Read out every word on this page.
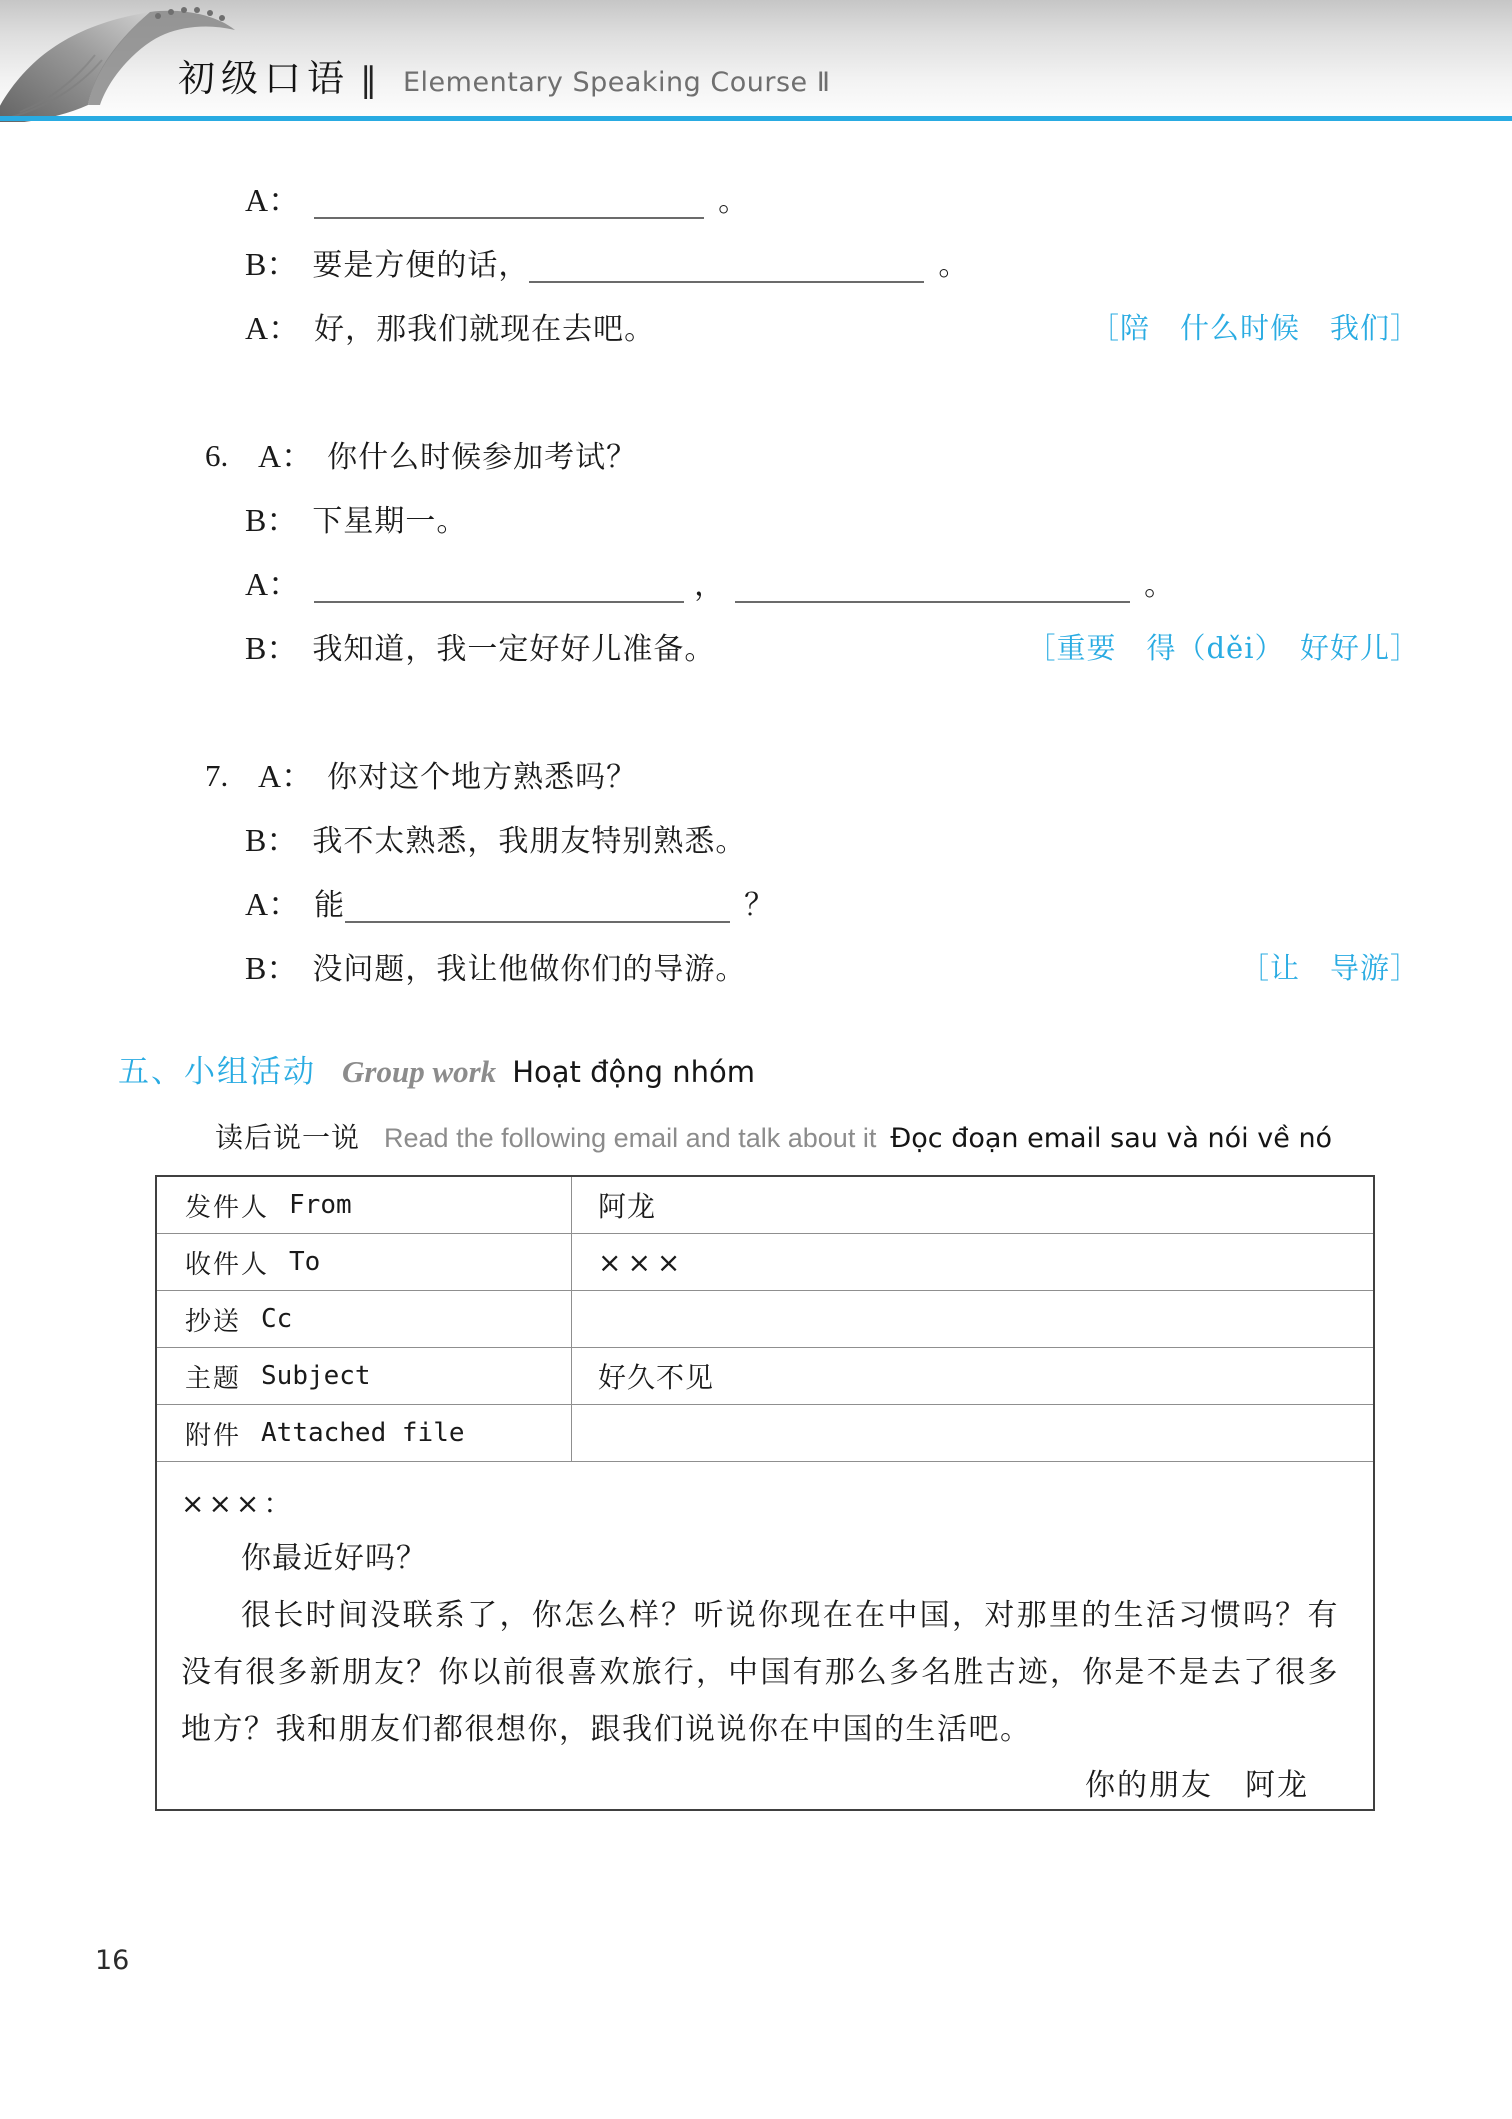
初级口语 ‖ Elementary Speaking Course Ⅱ
A：	。
B： 要是方便的话，	。
A： 好，那我们就现在去吧。	［陪　什么时候　我们］
6. A： 你什么时候参加考试？
B： 下星期一。
A：	，	。
B： 我知道，我一定好好儿准备。	［重要　得（děi）　好好儿］
7. A： 你对这个地方熟悉吗？
B： 我不太熟悉，我朋友特别熟悉。
A： 能	？
B： 没问题，我让他做你们的导游。	［让　导游］
五、小组活动 Group work Hoạt động nhóm
读后说一说 Read the following email and talk about it Đọc đoạn email sau và nói về nó
发件人 From	阿龙
收件人 To	×××
抄送 Cc
主题 Subject	好久不见
附件 Attached file
×××：
你最近好吗？
很长时间没联系了，你怎么样？听说你现在在中国，对那里的生活习惯吗？有没有很多新朋友？你以前很喜欢旅行，中国有那么多名胜古迹，你是不是去了很多地方？我和朋友们都很想你，跟我们说说你在中国的生活吧。
你的朋友　阿龙
16
